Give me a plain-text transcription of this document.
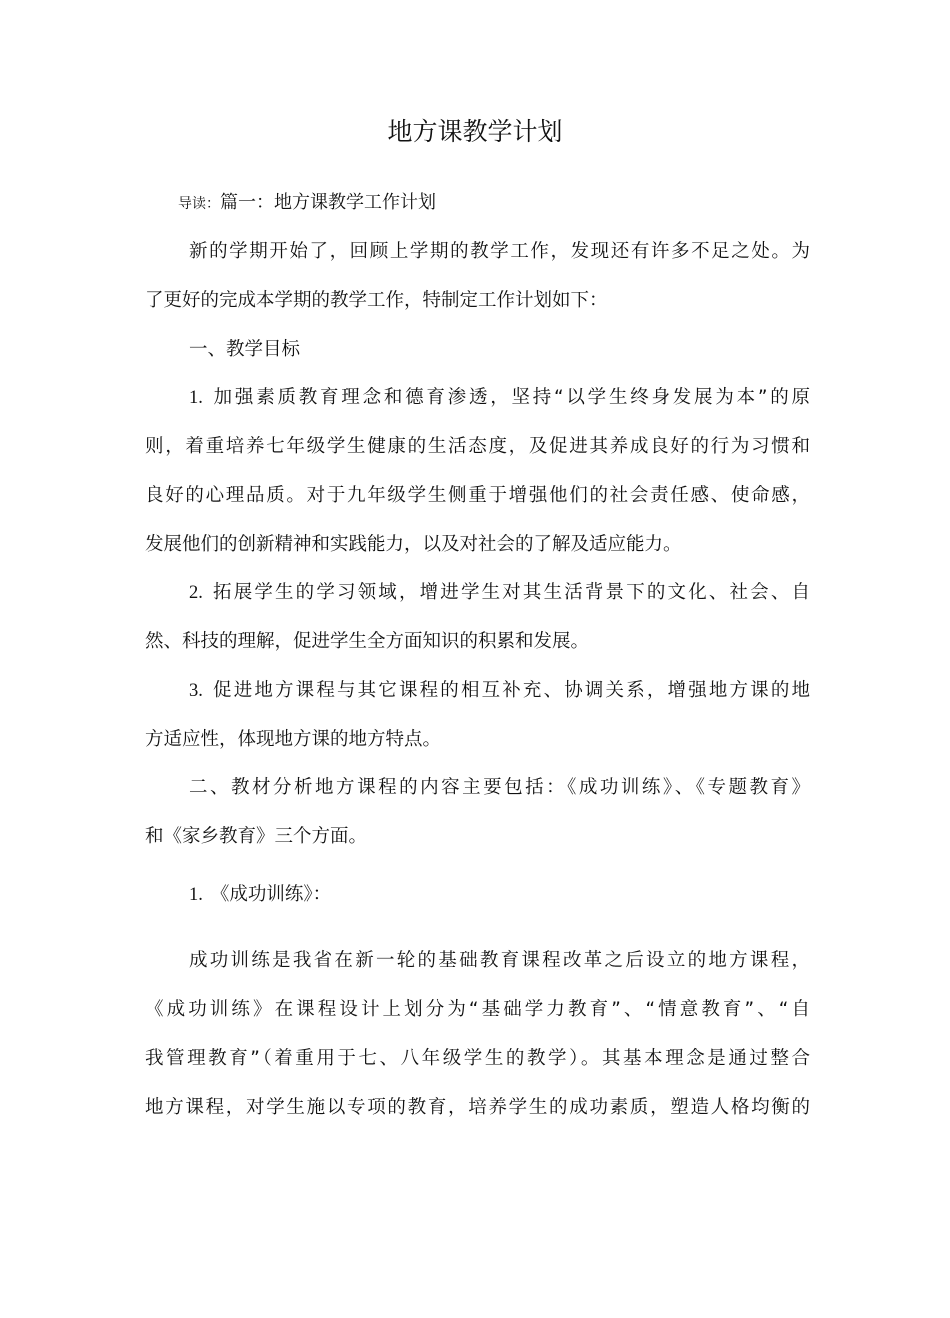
地方课教学计划
导读：篇一：地方课教学工作计划
新的学期开始了，回顾上学期的教学工作，发现还有许多不足之处。为
了更好的完成本学期的教学工作，特制定工作计划如下：
一、教学目标
1. 加强素质教育理念和德育渗透，坚持“以学生终身发展为本”的原
则，着重培养七年级学生健康的生活态度，及促进其养成良好的行为习惯和
良好的心理品质。对于九年级学生侧重于增强他们的社会责任感、使命感，
发展他们的创新精神和实践能力，以及对社会的了解及适应能力。
2. 拓展学生的学习领域，增进学生对其生活背景下的文化、社会、自
然、科技的理解，促进学生全方面知识的积累和发展。
3. 促进地方课程与其它课程的相互补充、协调关系，增强地方课的地
方适应性，体现地方课的地方特点。
二、教材分析地方课程的内容主要包括：《成功训练》、《专题教育》
和《家乡教育》三个方面。
1. 《成功训练》：
成功训练是我省在新一轮的基础教育课程改革之后设立的地方课程，
《成功训练》在课程设计上划分为“基础学力教育”、“情意教育”、“自
我管理教育”（着重用于七、八年级学生的教学）。其基本理念是通过整合
地方课程，对学生施以专项的教育，培养学生的成功素质，塑造人格均衡的
